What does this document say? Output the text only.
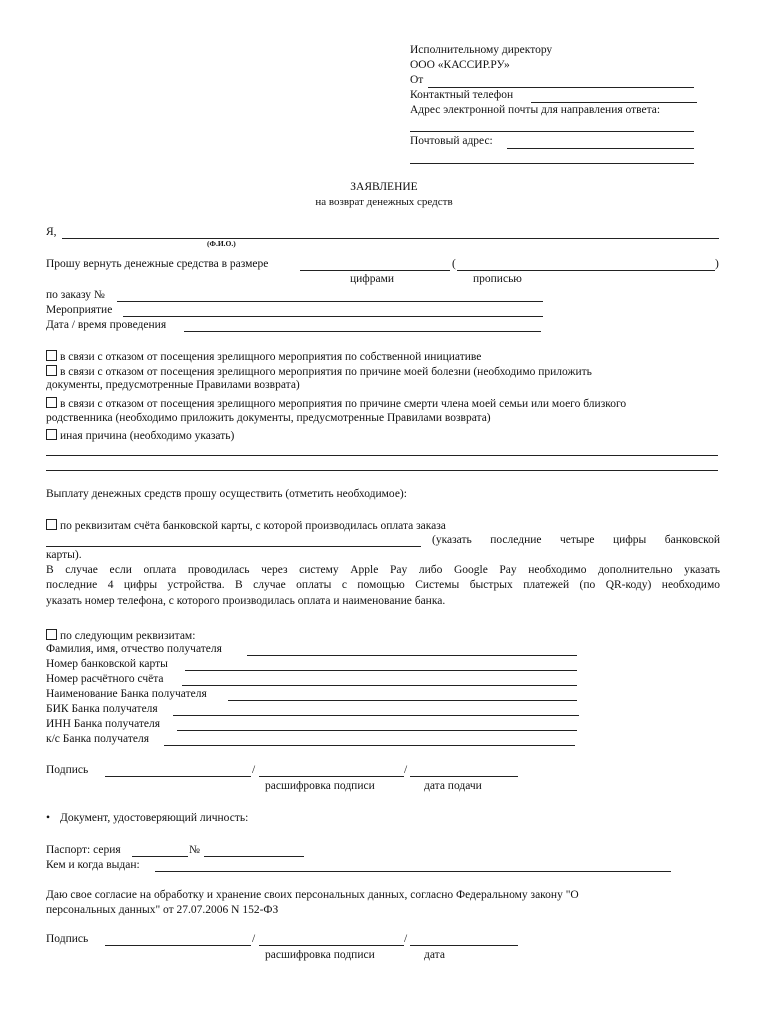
Исполнительному директору
ООО «КАССИР.РУ»
От
Контактный телефон
Адрес электронной почты для направления ответа:
Почтовый адрес:
ЗАЯВЛЕНИЕ
на возврат денежных средств
Я,
(Ф.И.О.)
Прошу вернуть денежные средства в размере	(	)
цифрами	прописью
по заказу №
Мероприятие
Дата / время проведения
в связи с отказом от посещения зрелищного мероприятия по собственной инициативе
в связи с отказом от посещения зрелищного мероприятия по причине моей болезни (необходимо приложить
документы, предусмотренные Правилами возврата)
в связи с отказом от посещения зрелищного мероприятия по причине смерти члена моей семьи или моего близкого
родственника (необходимо приложить документы, предусмотренные Правилами возврата)
иная причина (необходимо указать)
Выплату денежных средств прошу осуществить (отметить необходимое):
по реквизитам счёта банковской карты, с которой производилась оплата заказа
(указать последние четыре цифры банковской
карты).
В случае если оплата проводилась через систему Apple Pay либо Google Pay необходимо дополнительно указать
последние 4 цифры устройства. В случае оплаты с помощью Системы быстрых платежей (по QR-коду) необходимо
указать номер телефона, с которого производилась оплата и наименование банка.
по следующим реквизитам:
Фамилия, имя, отчество получателя
Номер банковской карты
Номер расчётного счёта
Наименование Банка получателя
БИК Банка получателя
ИНН Банка получателя
к/с Банка получателя
Подпись	/	/
расшифровка подписи	дата подачи
• Документ, удостоверяющий личность:
Паспорт: серия	№
Кем и когда выдан:
Даю свое согласие на обработку и хранение своих персональных данных, согласно Федеральному закону "О
персональных данных" от 27.07.2006 N 152-ФЗ
Подпись	/	/
расшифровка подписи	дата
